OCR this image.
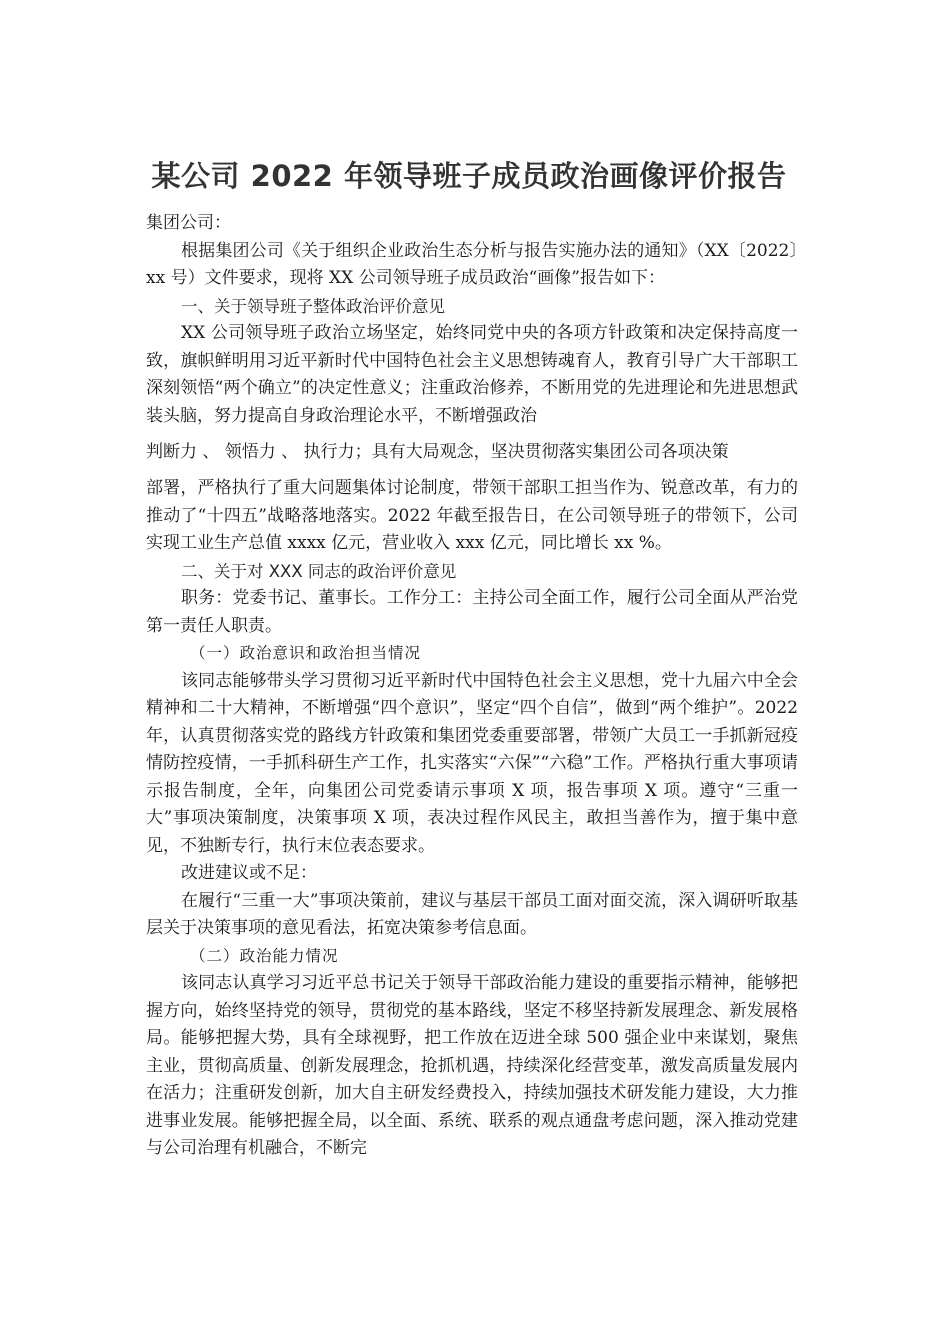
某公司 2022 年领导班子成员政治画像评价报告

集团公司：

根据集团公司《关于组织企业政治生态分析与报告实施办法的通知》（XX〔2022〕xx 号）文件要求，现将 XX 公司领导班子成员政治“画像”报告如下：

一、关于领导班子整体政治评价意见

XX 公司领导班子政治立场坚定，始终同党中央的各项方针政策和决定保持高度一致，旗帜鲜明用习近平新时代中国特色社会主义思想铸魂育人，教育引导广大干部职工深刻领悟“两个确立”的决定性意义；注重政治修养，不断用党的先进理论和先进思想武装头脑，努力提高自身政治理论水平，不断增强政治

判断力 、 领悟力 、 执行力；具有大局观念，坚决贯彻落实集团公司各项决策

部署，严格执行了重大问题集体讨论制度，带领干部职工担当作为、锐意改革，有力的推动了“十四五”战略落地落实。2022 年截至报告日，在公司领导班子的带领下，公司实现工业生产总值 xxxx 亿元，营业收入 xxx 亿元，同比增长 xx %。

二、关于对 XXX 同志的政治评价意见

职务：党委书记、董事长。工作分工：主持公司全面工作，履行公司全面从严治党第一责任人职责。

（一）政治意识和政治担当情况

该同志能够带头学习贯彻习近平新时代中国特色社会主义思想，党十九届六中全会精神和二十大精神，不断增强“四个意识”，坚定“四个自信”，做到“两个维护”。2022 年，认真贯彻落实党的路线方针政策和集团党委重要部署，带领广大员工一手抓新冠疫情防控疫情，一手抓科研生产工作，扎实落实“六保”“六稳”工作。严格执行重大事项请示报告制度，全年，向集团公司党委请示事项 X 项，报告事项 X 项。遵守“三重一大”事项决策制度，决策事项 X 项，表决过程作风民主，敢担当善作为，擅于集中意见，不独断专行，执行末位表态要求。

改进建议或不足：

在履行“三重一大”事项决策前，建议与基层干部员工面对面交流，深入调研听取基层关于决策事项的意见看法，拓宽决策参考信息面。

（二）政治能力情况

该同志认真学习习近平总书记关于领导干部政治能力建设的重要指示精神，能够把握方向，始终坚持党的领导，贯彻党的基本路线，坚定不移坚持新发展理念、新发展格局。能够把握大势，具有全球视野，把工作放在迈进全球 500 强企业中来谋划，聚焦主业，贯彻高质量、创新发展理念，抢抓机遇，持续深化经营变革，激发高质量发展内在活力；注重研发创新，加大自主研发经费投入，持续加强技术研发能力建设，大力推进事业发展。能够把握全局，以全面、系统、联系的观点通盘考虑问题，深入推动党建与公司治理有机融合，不断完
